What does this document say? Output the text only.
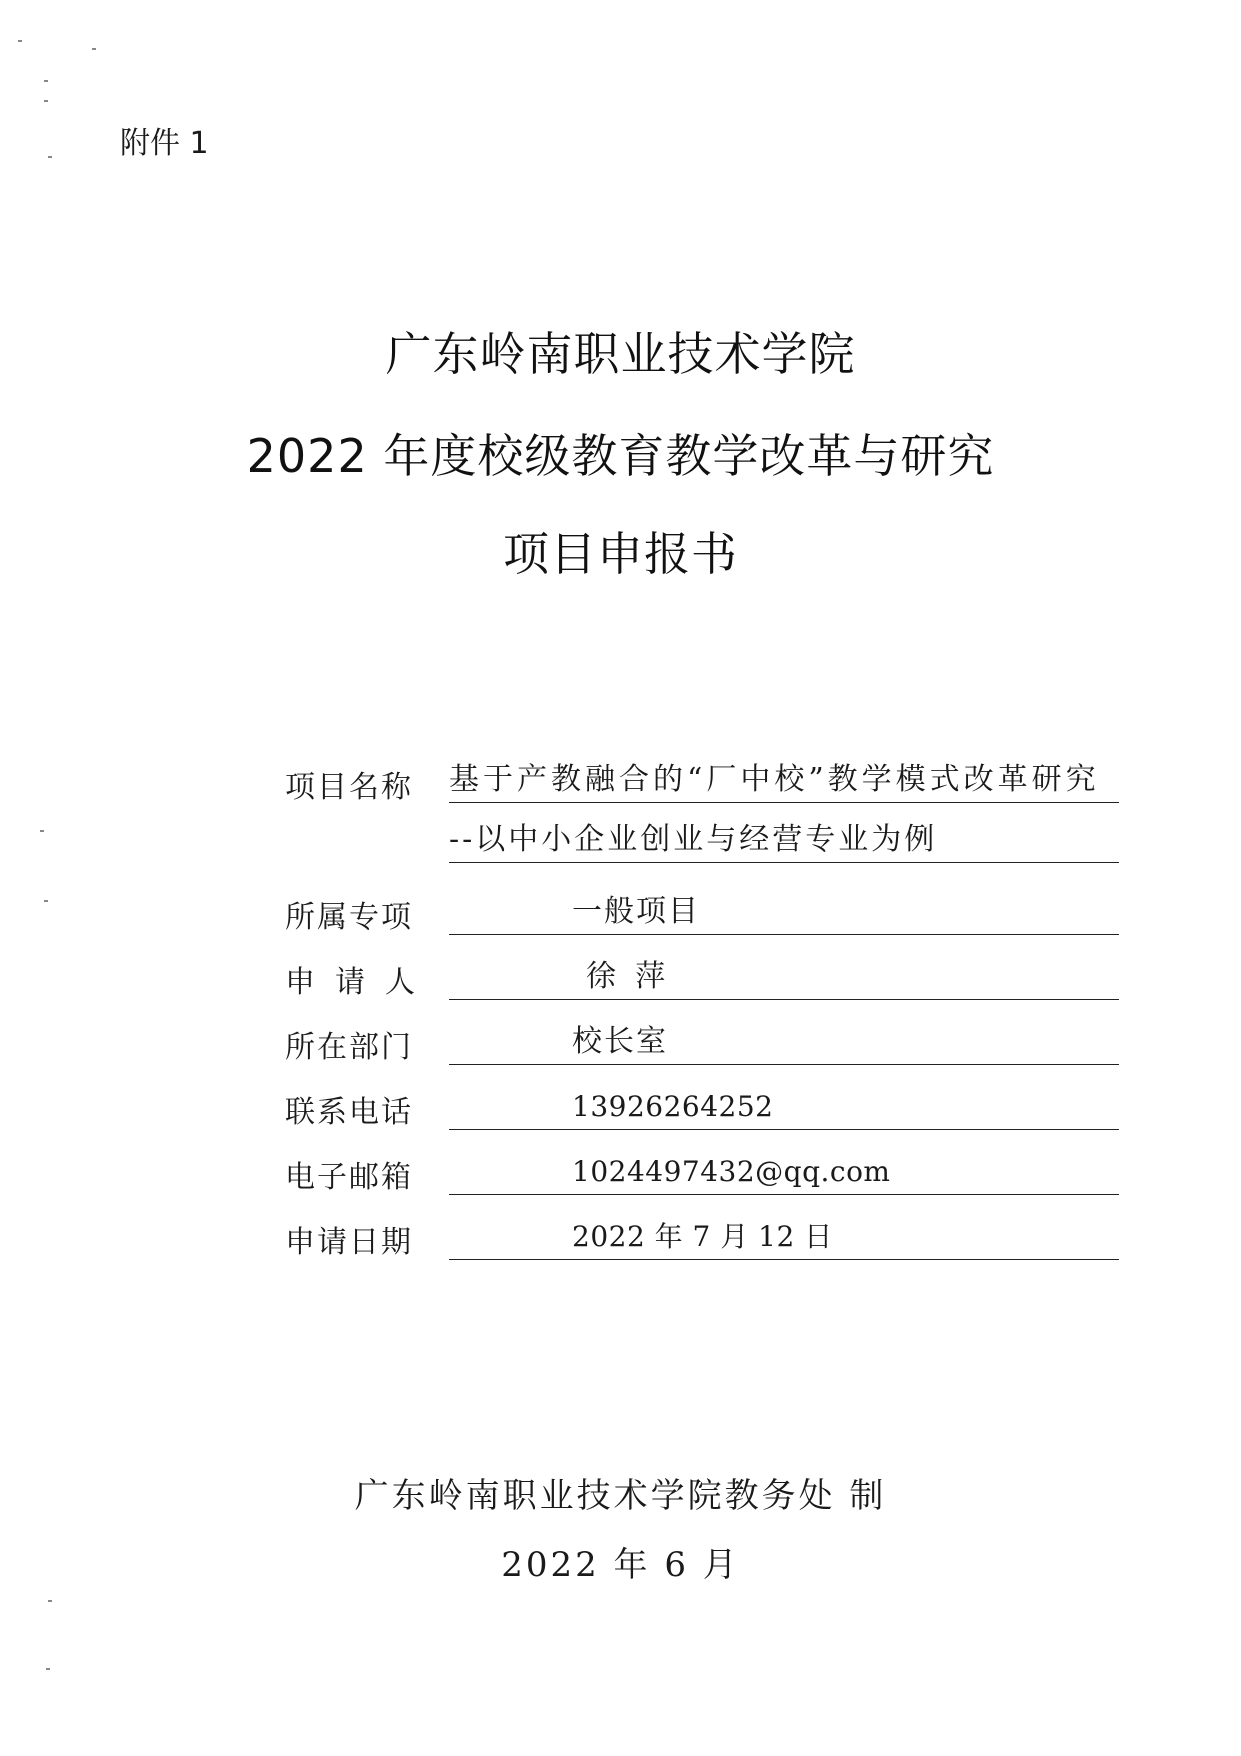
附件 1
广东岭南职业技术学院
2022 年度校级教育教学改革与研究
项目申报书
项目名称 基于产教融合的“厂中校”教学模式改革研究
--以中小企业创业与经营专业为例
所属专项	一般项目
申请人	徐  萍
所在部门	校长室
联系电话	13926264252
电子邮箱	1024497432@qq.com
申请日期	2022 年 7 月 12 日
广东岭南职业技术学院教务处 制
2022 年 6 月
